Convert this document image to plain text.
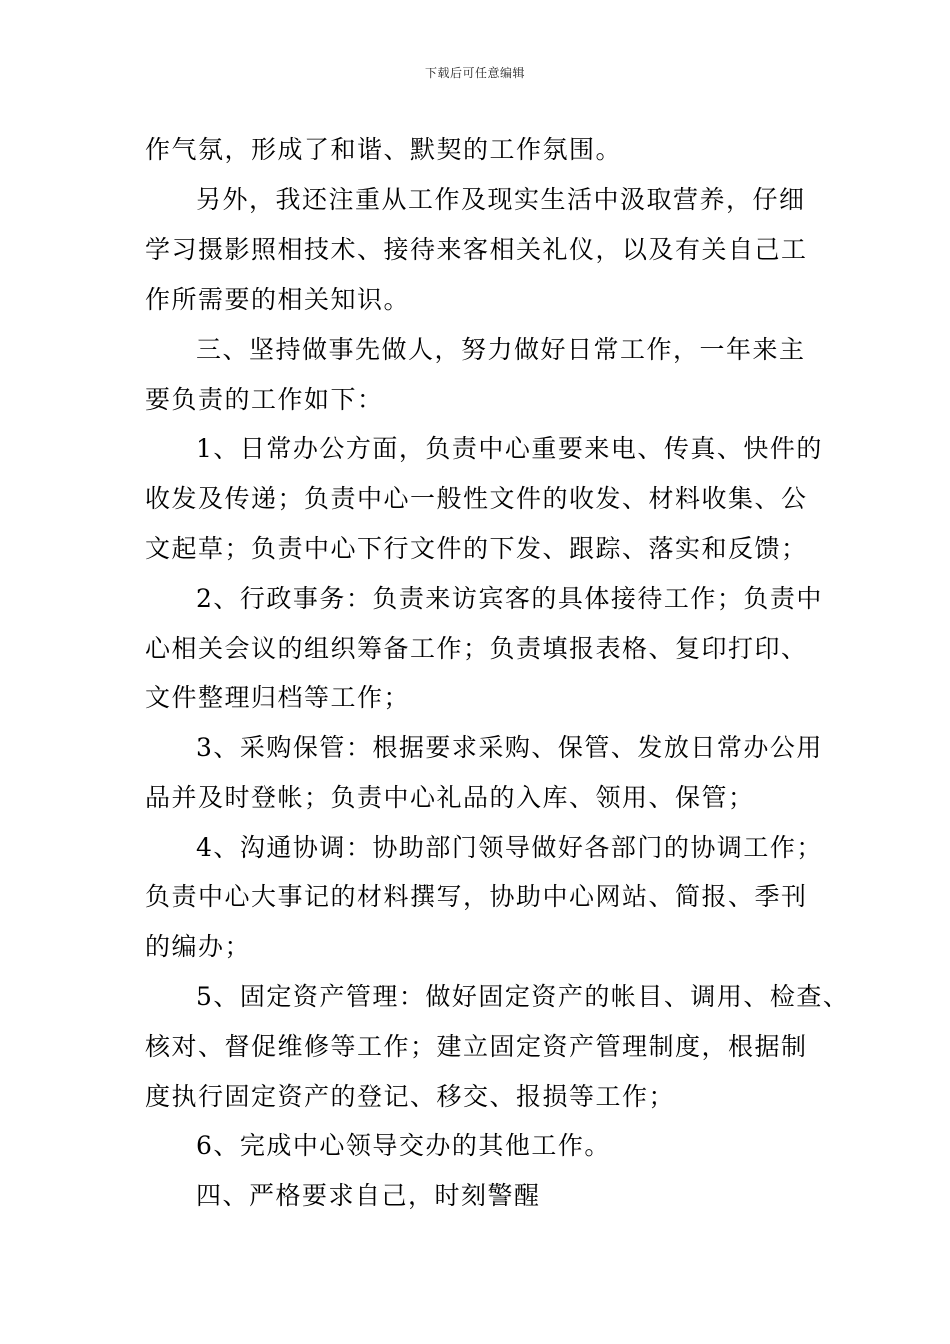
下载后可任意编辑
作气氛，形成了和谐、默契的工作氛围。
另外，我还注重从工作及现实生活中汲取营养，仔细
学习摄影照相技术、接待来客相关礼仪，以及有关自己工
作所需要的相关知识。
三、坚持做事先做人，努力做好日常工作，一年来主
要负责的工作如下：
1、日常办公方面，负责中心重要来电、传真、快件的
收发及传递；负责中心一般性文件的收发、材料收集、公
文起草；负责中心下行文件的下发、跟踪、落实和反馈；
2、行政事务：负责来访宾客的具体接待工作；负责中
心相关会议的组织筹备工作；负责填报表格、复印打印、
文件整理归档等工作；
3、采购保管：根据要求采购、保管、发放日常办公用
品并及时登帐；负责中心礼品的入库、领用、保管；
4、沟通协调：协助部门领导做好各部门的协调工作；
负责中心大事记的材料撰写，协助中心网站、简报、季刊
的编办；
5、固定资产管理：做好固定资产的帐目、调用、检查、
核对、督促维修等工作；建立固定资产管理制度，根据制
度执行固定资产的登记、移交、报损等工作；
6、完成中心领导交办的其他工作。
四、严格要求自己，时刻警醒
